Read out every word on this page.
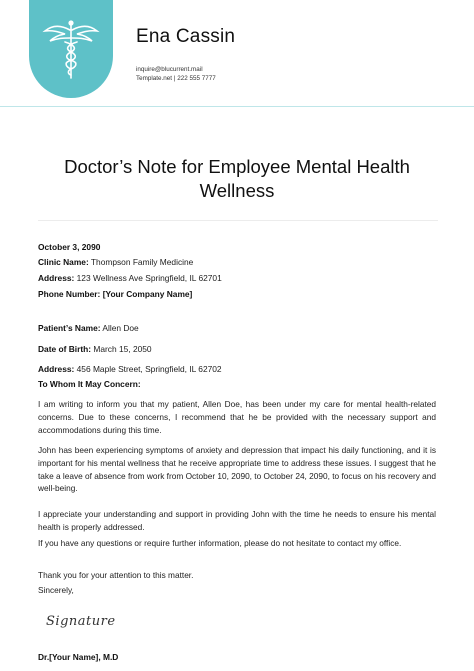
Ena Cassin
inquire@blucurrent.mail
Template.net | 222 555 7777
Doctor’s Note for Employee Mental Health Wellness
October 3, 2090
Clinic Name: Thompson Family Medicine
Address: 123 Wellness Ave Springfield, IL 62701
Phone Number: [Your Company Name]
Patient’s Name: Allen Doe
Date of Birth: March 15, 2050
Address: 456 Maple Street, Springfield, IL 62702
To Whom It May Concern:
I am writing to inform you that my patient, Allen Doe, has been under my care for mental health-related concerns. Due to these concerns, I recommend that he be provided with the necessary support and accommodations during this time.
John has been experiencing symptoms of anxiety and depression that impact his daily functioning, and it is important for his mental wellness that he receive appropriate time to address these issues. I suggest that he take a leave of absence from work from October 10, 2090, to October 24, 2090, to focus on his recovery and well-being.
I appreciate your understanding and support in providing John with the time he needs to ensure his mental health is properly addressed.
If you have any questions or require further information, please do not hesitate to contact my office.
Thank you for your attention to this matter.
Sincerely,
Signature
Dr.[Your Name], M.D
